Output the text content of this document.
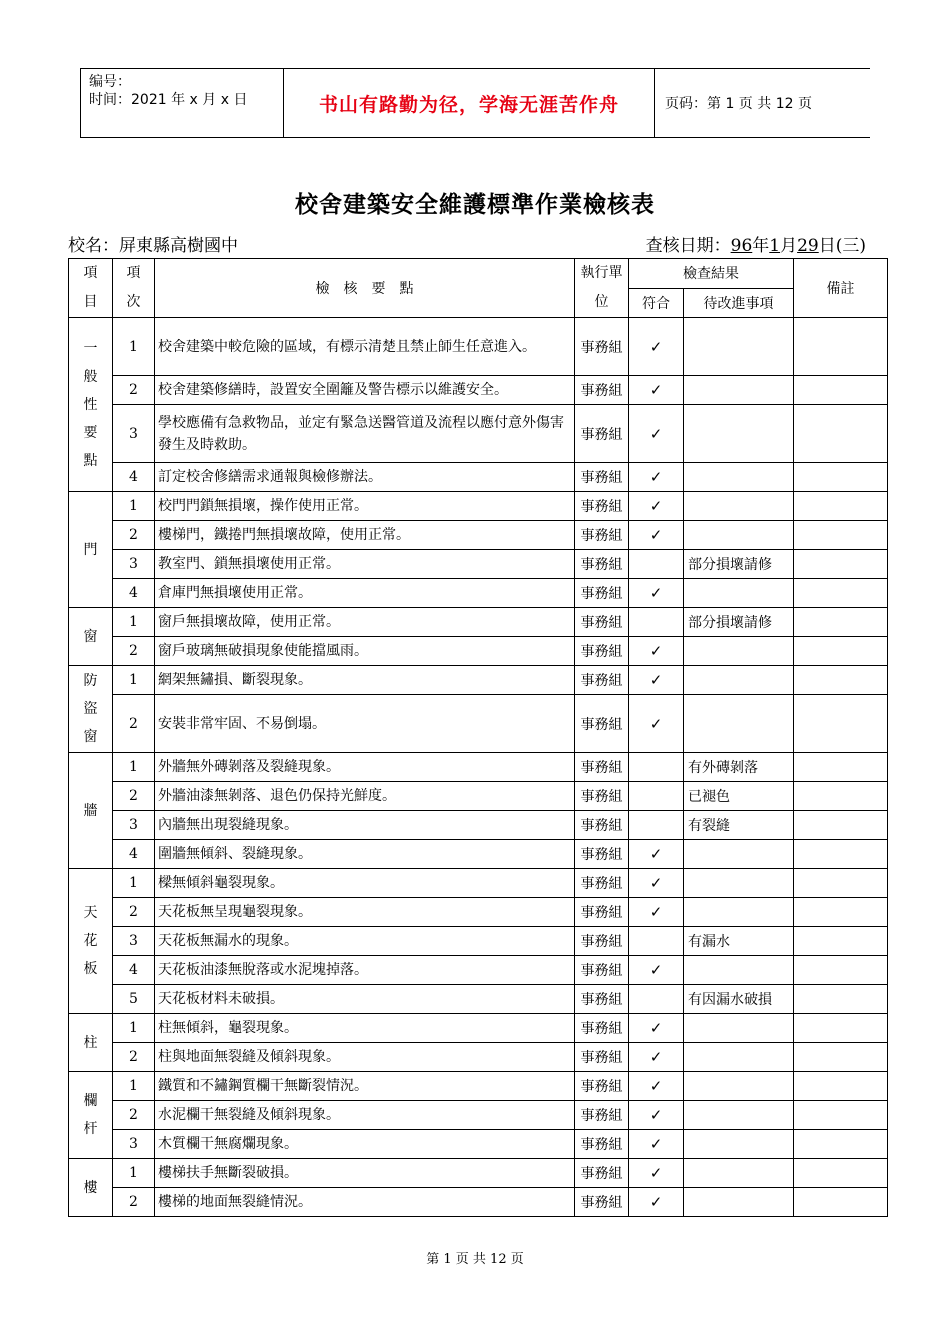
编号：
时间：2021 年 x 月 x 日	书山有路勤为径，学海无涯苦作舟	页码：第 1 页 共 12 页
校舍建築安全維護標準作業檢核表
校名：屏東縣高樹國中	查核日期：96年1月29日(三)
項
目	項
次	檢　核　要　點	執行單
位	檢查結果		備註
				符合	待改進事項	

一
般
性
要
點	1	校舍建築中較危險的區域，有標示清楚且禁止師生任意進入。	事務組	✓		
	2	校舍建築修繕時，設置安全圍籬及警告標示以維護安全。	事務組	✓		
	3	學校應備有急救物品，並定有緊急送醫管道及流程以應付意外傷害發生及時救助。	事務組	✓		
	4	訂定校舍修繕需求通報與檢修辦法。	事務組	✓		

門	1	校門門鎖無損壞，操作使用正常。	事務組	✓		
	2	樓梯門，鐵捲門無損壞故障，使用正常。	事務組	✓		
	3	教室門、鎖無損壞使用正常。	事務組		部分損壞請修	
	4	倉庫門無損壞使用正常。	事務組	✓		

窗	1	窗戶無損壞故障，使用正常。	事務組		部分損壞請修	
	2	窗戶玻璃無破損現象使能擋風雨。	事務組	✓		

防
盜
窗	1	網架無鏽損、斷裂現象。	事務組	✓		
	2	安裝非常牢固、不易倒塌。	事務組	✓		

牆	1	外牆無外磚剝落及裂縫現象。	事務組		有外磚剝落	
	2	外牆油漆無剝落、退色仍保持光鮮度。	事務組		已褪色	
	3	內牆無出現裂縫現象。	事務組		有裂縫	
	4	圍牆無傾斜、裂縫現象。	事務組	✓		

天
花
板	1	樑無傾斜龜裂現象。	事務組	✓		
	2	天花板無呈現龜裂現象。	事務組	✓		
	3	天花板無漏水的現象。	事務組		有漏水	
	4	天花板油漆無脫落或水泥塊掉落。	事務組	✓		
	5	天花板材料未破損。	事務組		有因漏水破損	

柱	1	柱無傾斜，龜裂現象。	事務組	✓		
	2	柱與地面無裂縫及傾斜現象。	事務組	✓		

欄
杆	1	鐵質和不鏽鋼質欄干無斷裂情況。	事務組	✓		
	2	水泥欄干無裂縫及傾斜現象。	事務組	✓		
	3	木質欄干無腐爛現象。	事務組	✓		

樓	1	樓梯扶手無斷裂破損。	事務組	✓		
	2	樓梯的地面無裂縫情況。	事務組	✓		
第 1 页 共 12 页
